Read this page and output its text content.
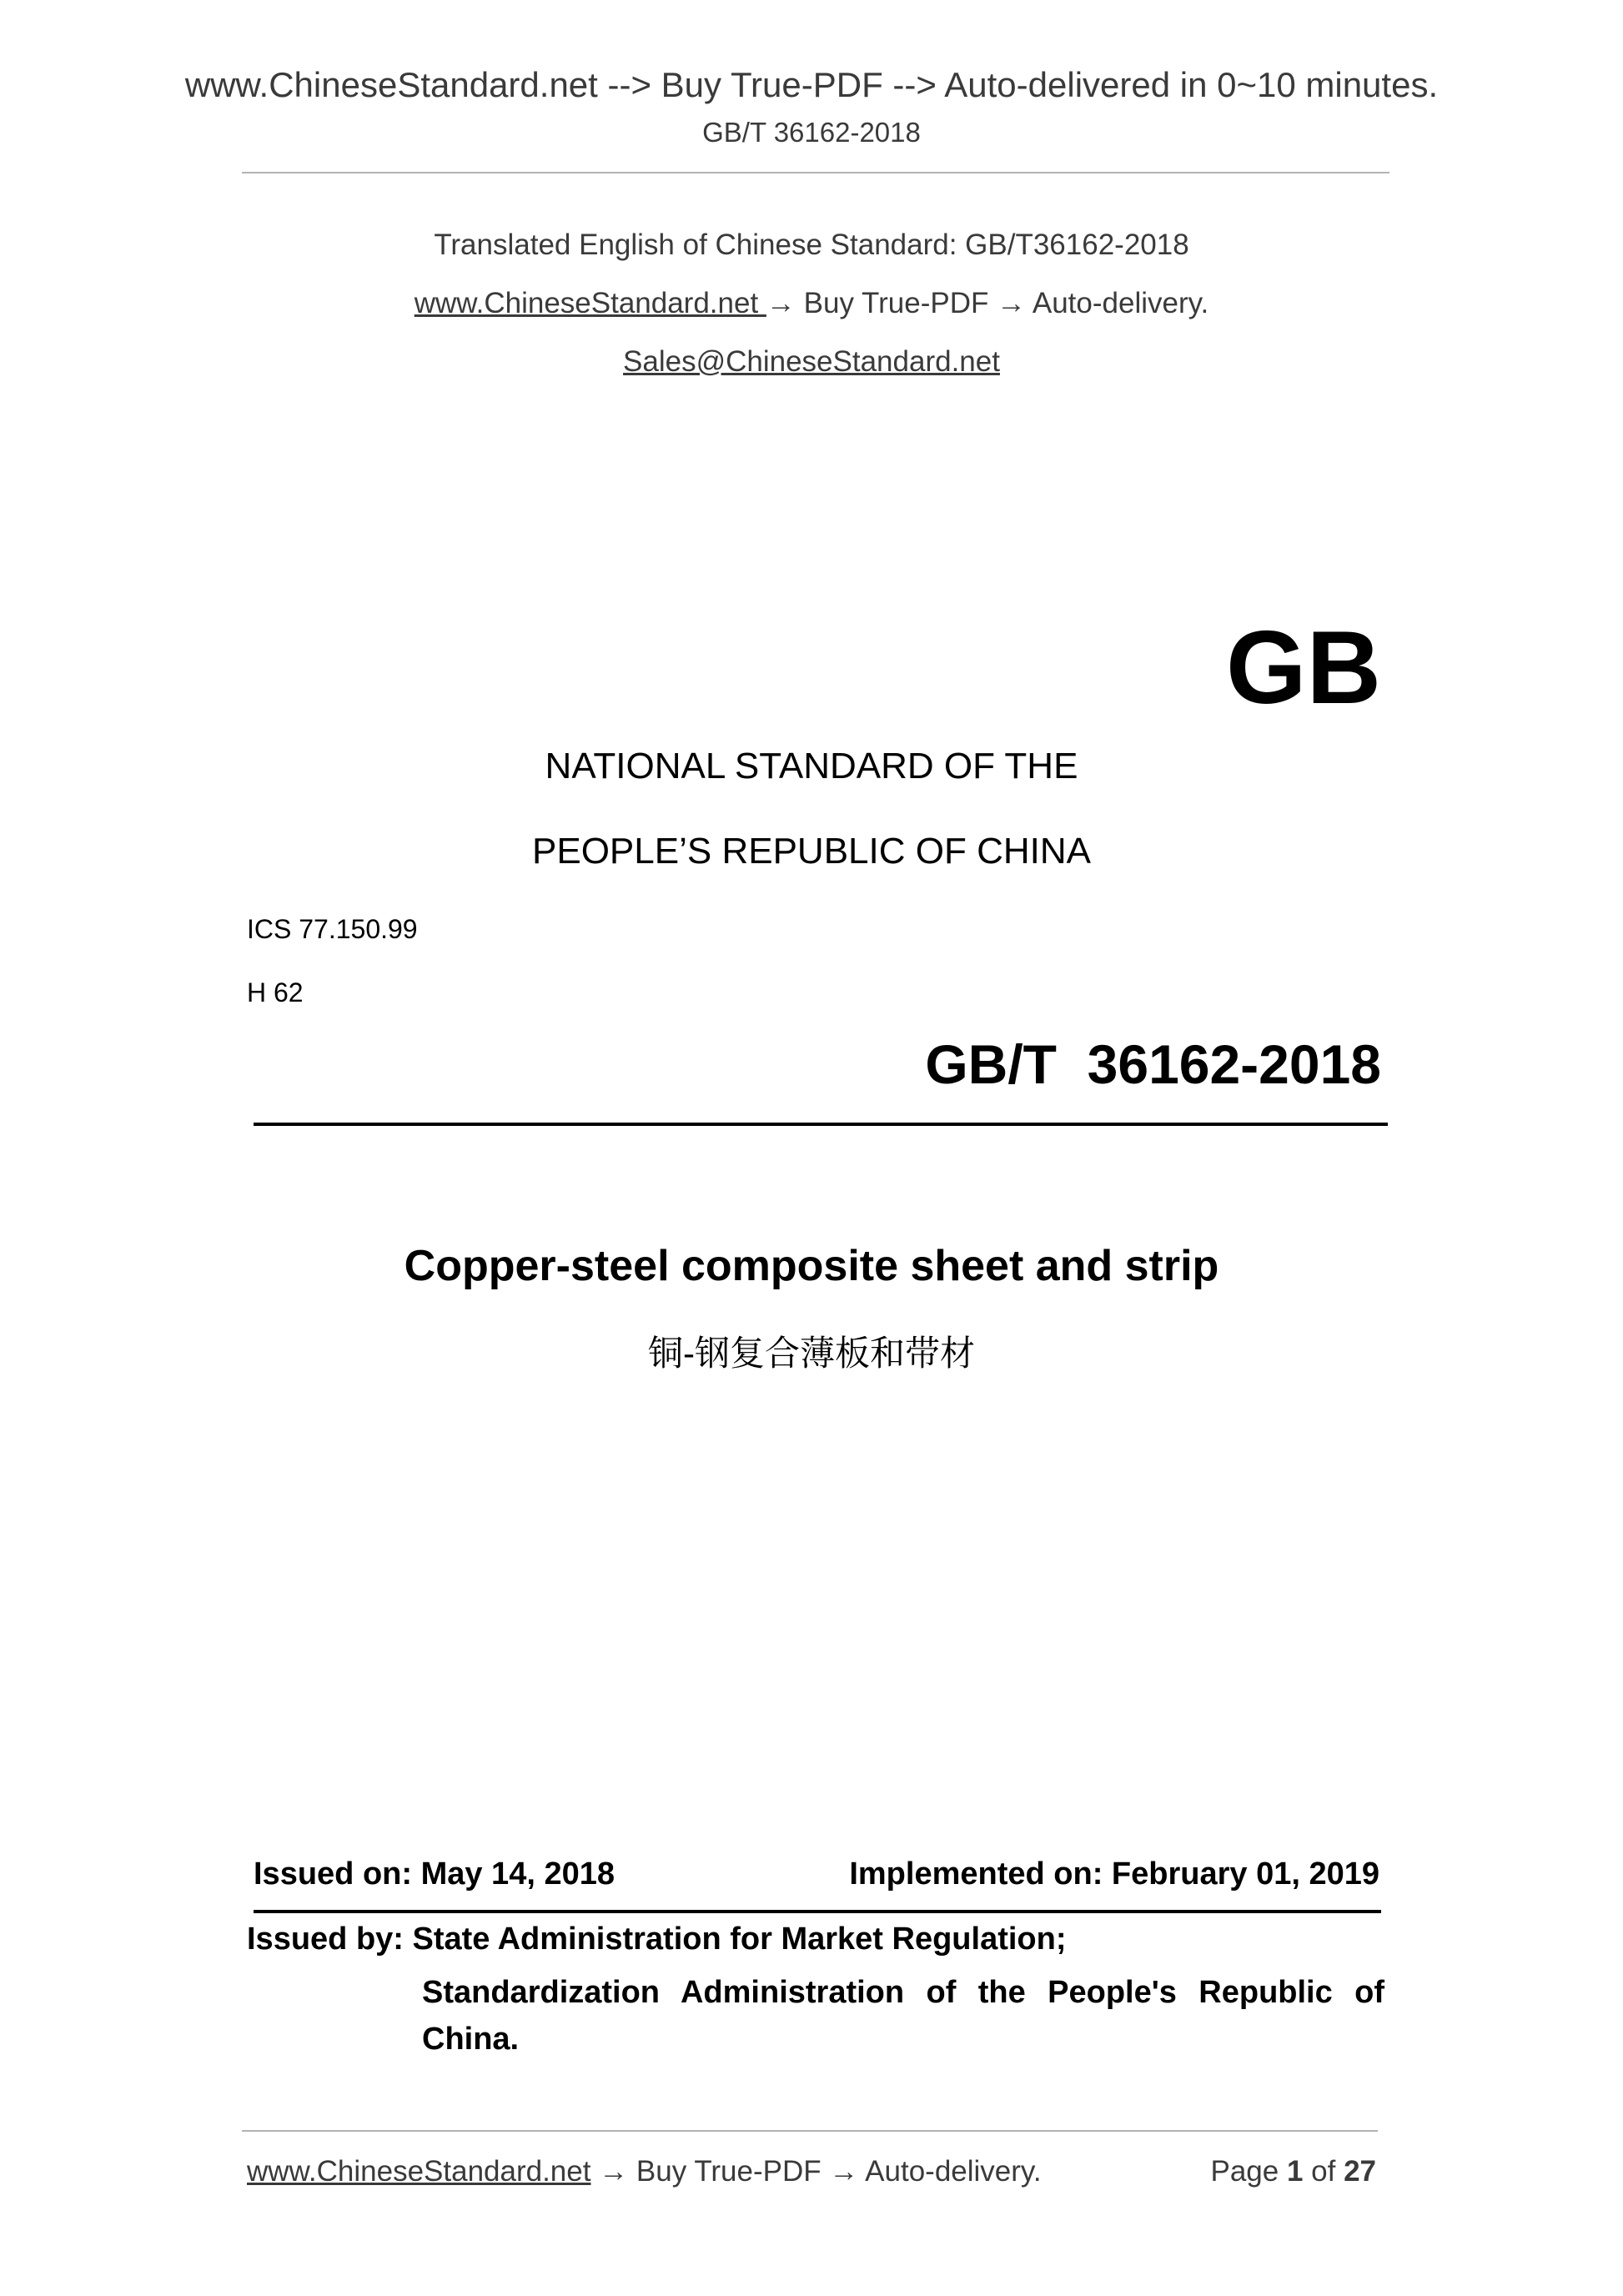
www.ChineseStandard.net --> Buy True-PDF --> Auto-delivered in 0~10 minutes.
GB/T 36162-2018
Translated English of Chinese Standard: GB/T36162-2018
www.ChineseStandard.net → Buy True-PDF → Auto-delivery.
Sales@ChineseStandard.net
GB
NATIONAL STANDARD OF THE
PEOPLE’S REPUBLIC OF CHINA
ICS 77.150.99
H 62
GB/T  36162-2018
Copper-steel composite sheet and strip
铜-钢复合薄板和带材
Issued on: May 14, 2018	Implemented on: February 01, 2019
Issued by: State Administration for Market Regulation;
Standardization Administration of the People's Republic of
China.
www.ChineseStandard.net → Buy True-PDF → Auto-delivery.	Page 1 of 27
